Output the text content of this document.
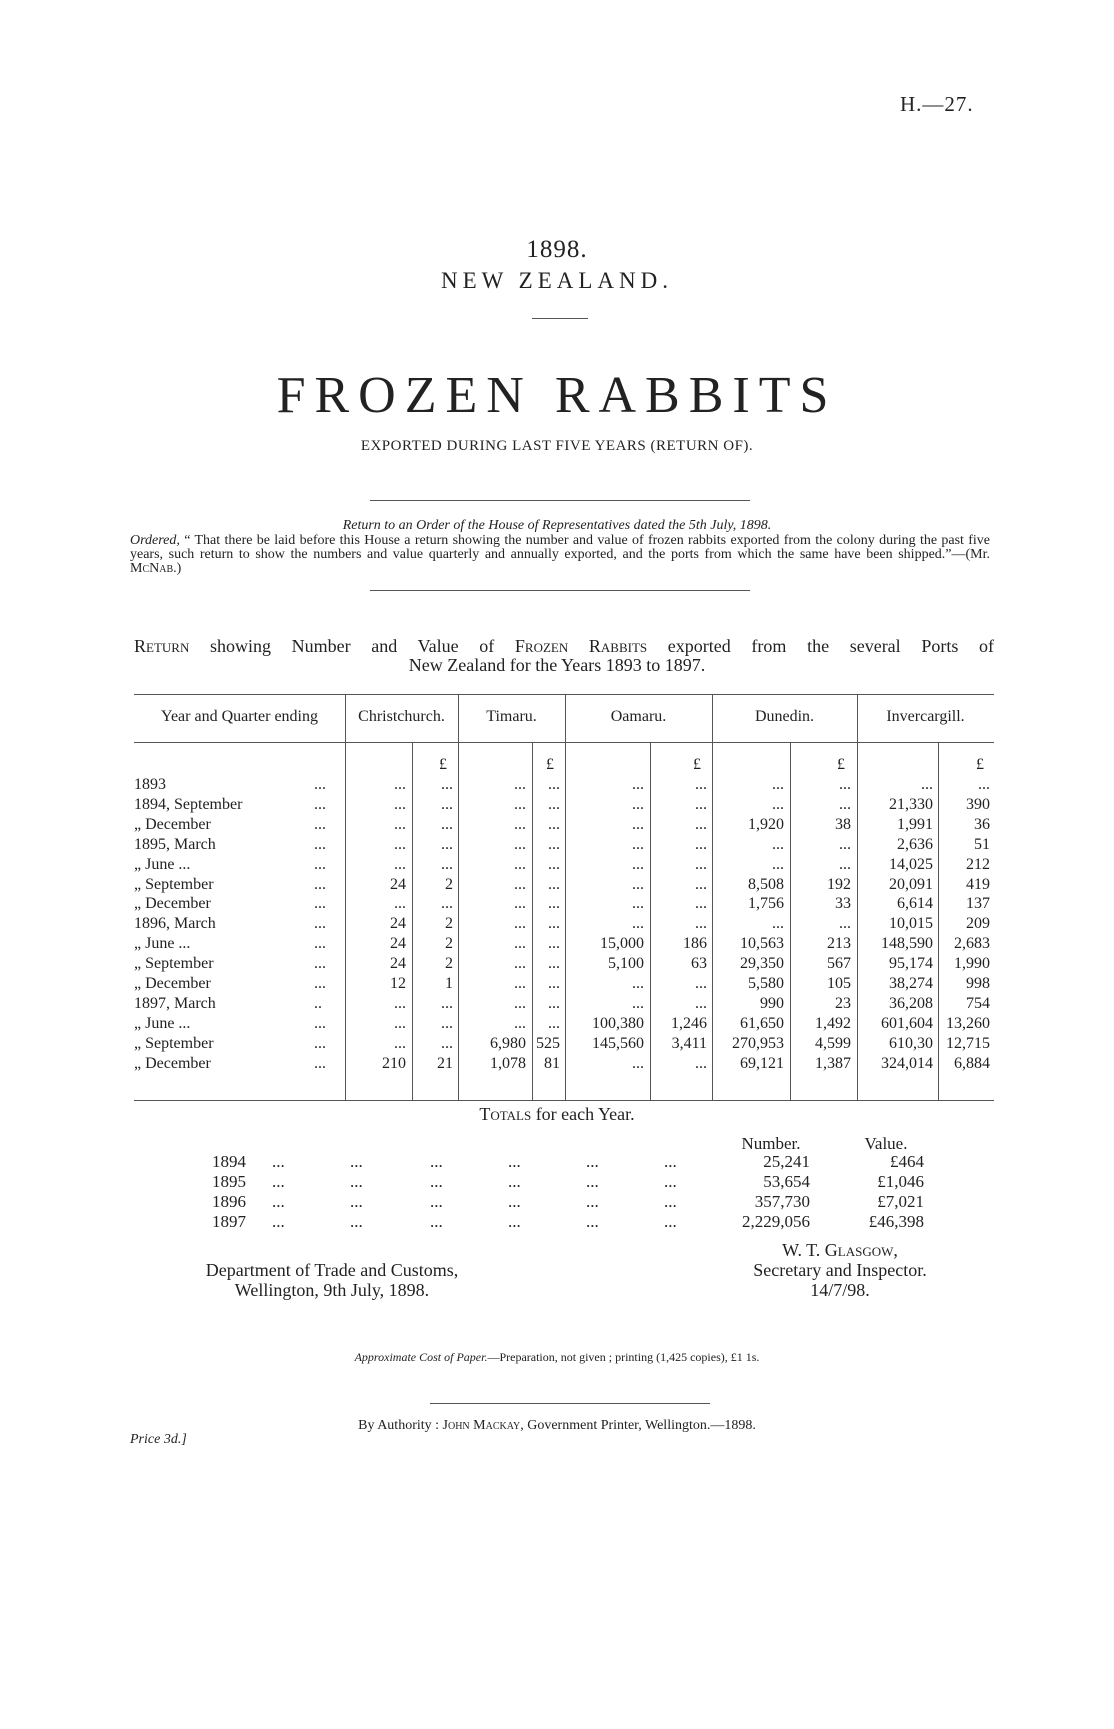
H.—27.
1898.
NEW ZEALAND.
FROZEN RABBITS
EXPORTED DURING LAST FIVE YEARS (RETURN OF).
Return to an Order of the House of Representatives dated the 5th July, 1898.
Ordered, “ That there be laid before this House a return showing the number and value of frozen rabbits exported from the colony during the past five years, such return to show the numbers and value quarterly and annually exported, and the ports from which the same have been shipped.”—(Mr. McNab.)
Return showing Number and Value of Frozen Rabbits exported from the several Ports of
New Zealand for the Years 1893 to 1897.
Year and Quarter ending	Christchurch.	Timaru.	Oamaru.	Dunedin.	Invercargill.
£	£	£	£	£
1893	...	...	...	...	...	...	...	...	...	...	...
1894, September	...	...	...	...	...	...	...	...	...	21,330	390
„ December	...	...	...	...	...	...	...	1,920	38	1,991	36
1895, March	...	...	...	...	...	...	...	...	...	2,636	51
„ June ...	...	...	...	...	...	...	...	...	...	14,025	212
„ September	...	24	2	...	...	...	...	8,508	192	20,091	419
„ December	...	...	...	...	...	...	...	1,756	33	6,614	137
1896, March	...	24	2	...	...	...	...	...	...	10,015	209
„ June ...	...	24	2	...	...	15,000	186	10,563	213	148,590	2,683
„ September	...	24	2	...	...	5,100	63	29,350	567	95,174	1,990
„ December	...	12	1	...	...	...	...	5,580	105	38,274	998
1897, March	..	...	...	...	...	...	...	990	23	36,208	754
„ June ...	...	...	...	...	...	100,380	1,246	61,650	1,492	601,604 13,260
„ September	...	...	...	6,980 525	145,560	3,411	270,953	4,599	610,30 12,715
„ December	...	210	21	1,078	81	...	...	69,121	1,387	324,014	6,884
Totals for each Year.
Number.	Value.
1894 ...	...	...	...	...	...	25,241	£464
1895 ...	...	...	...	...	...	53,654	£1,046
1896 ...	...	...	...	...	...	357,730	£7,021
1897 ...	...	...	...	...	...	2,229,056	£46,398
Department of Trade and Customs,
Wellington, 9th July, 1898.
W. T. Glasgow,
Secretary and Inspector.
14/7/98.
Approximate Cost of Paper.—Preparation, not given ; printing (1,425 copies), £1 1s.
Price 3d.]
By Authority : John Mackay, Government Printer, Wellington.—1898.
